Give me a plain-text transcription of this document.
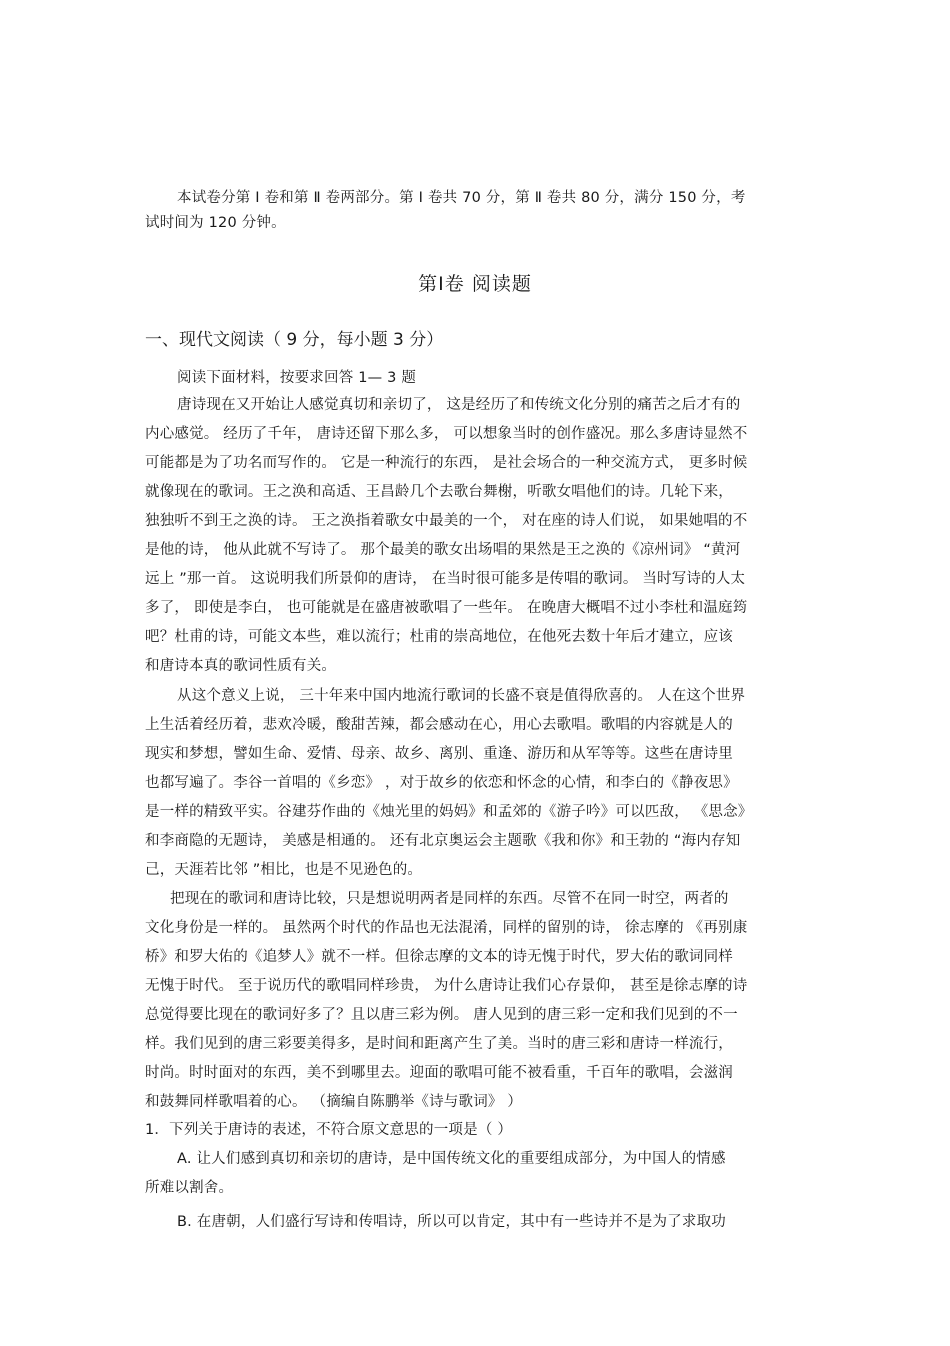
本试卷分第 Ⅰ 卷和第 Ⅱ 卷两部分。第 Ⅰ 卷共 70 分，第 Ⅱ 卷共 80 分，满分 150 分，考
试时间为 120 分钟。
第Ⅰ卷 阅读题
一、现代文阅读（ 9 分，每小题 3 分）
阅读下面材料，按要求回答 1— 3 题
唐诗现在又开始让人感觉真切和亲切了， 这是经历了和传统文化分别的痛苦之后才有的
内心感觉。 经历了千年， 唐诗还留下那么多， 可以想象当时的创作盛况。那么多唐诗显然不
可能都是为了功名而写作的。 它是一种流行的东西， 是社会场合的一种交流方式， 更多时候
就像现在的歌词。王之涣和高适、王昌龄几个去歌台舞榭，听歌女唱他们的诗。几轮下来，
独独听不到王之涣的诗。 王之涣指着歌女中最美的一个， 对在座的诗人们说， 如果她唱的不
是他的诗， 他从此就不写诗了。 那个最美的歌女出场唱的果然是王之涣的《凉州词》 “黄河
远上 ”那一首。 这说明我们所景仰的唐诗， 在当时很可能多是传唱的歌词。 当时写诗的人太
多了， 即使是李白， 也可能就是在盛唐被歌唱了一些年。 在晚唐大概唱不过小李杜和温庭筠
吧？杜甫的诗，可能文本些，难以流行；杜甫的崇高地位，在他死去数十年后才建立，应该
和唐诗本真的歌词性质有关。
从这个意义上说， 三十年来中国内地流行歌词的长盛不衰是值得欣喜的。 人在这个世界
上生活着经历着，悲欢冷暖，酸甜苦辣，都会感动在心，用心去歌唱。歌唱的内容就是人的
现实和梦想，譬如生命、爱情、母亲、故乡、离别、重逢、游历和从军等等。这些在唐诗里
也都写遍了。李谷一首唱的《乡恋》 ，对于故乡的依恋和怀念的心情，和李白的《静夜思》
是一样的精致平实。谷建芬作曲的《烛光里的妈妈》和孟郊的《游子吟》可以匹敌， 《思念》
和李商隐的无题诗， 美感是相通的。 还有北京奥运会主题歌《我和你》和王勃的 “海内存知
己，天涯若比邻 ”相比，也是不见逊色的。
把现在的歌词和唐诗比较，只是想说明两者是同样的东西。尽管不在同一时空，两者的
文化身份是一样的。 虽然两个时代的作品也无法混淆，同样的留别的诗， 徐志摩的 《再别康
桥》和罗大佑的《追梦人》就不一样。但徐志摩的文本的诗无愧于时代，罗大佑的歌词同样
无愧于时代。 至于说历代的歌唱同样珍贵， 为什么唐诗让我们心存景仰， 甚至是徐志摩的诗
总觉得要比现在的歌词好多了？且以唐三彩为例。 唐人见到的唐三彩一定和我们见到的不一
样。我们见到的唐三彩要美得多，是时间和距离产生了美。当时的唐三彩和唐诗一样流行，
时尚。时时面对的东西，美不到哪里去。迎面的歌唱可能不被看重，千百年的歌唱，会滋润
和鼓舞同样歌唱着的心。 （摘编自陈鹏举《诗与歌词》 ）
1．下列关于唐诗的表述，不符合原文意思的一项是（ ）
A. 让人们感到真切和亲切的唐诗，是中国传统文化的重要组成部分，为中国人的情感
所难以割舍。
B. 在唐朝，人们盛行写诗和传唱诗，所以可以肯定，其中有一些诗并不是为了求取功
